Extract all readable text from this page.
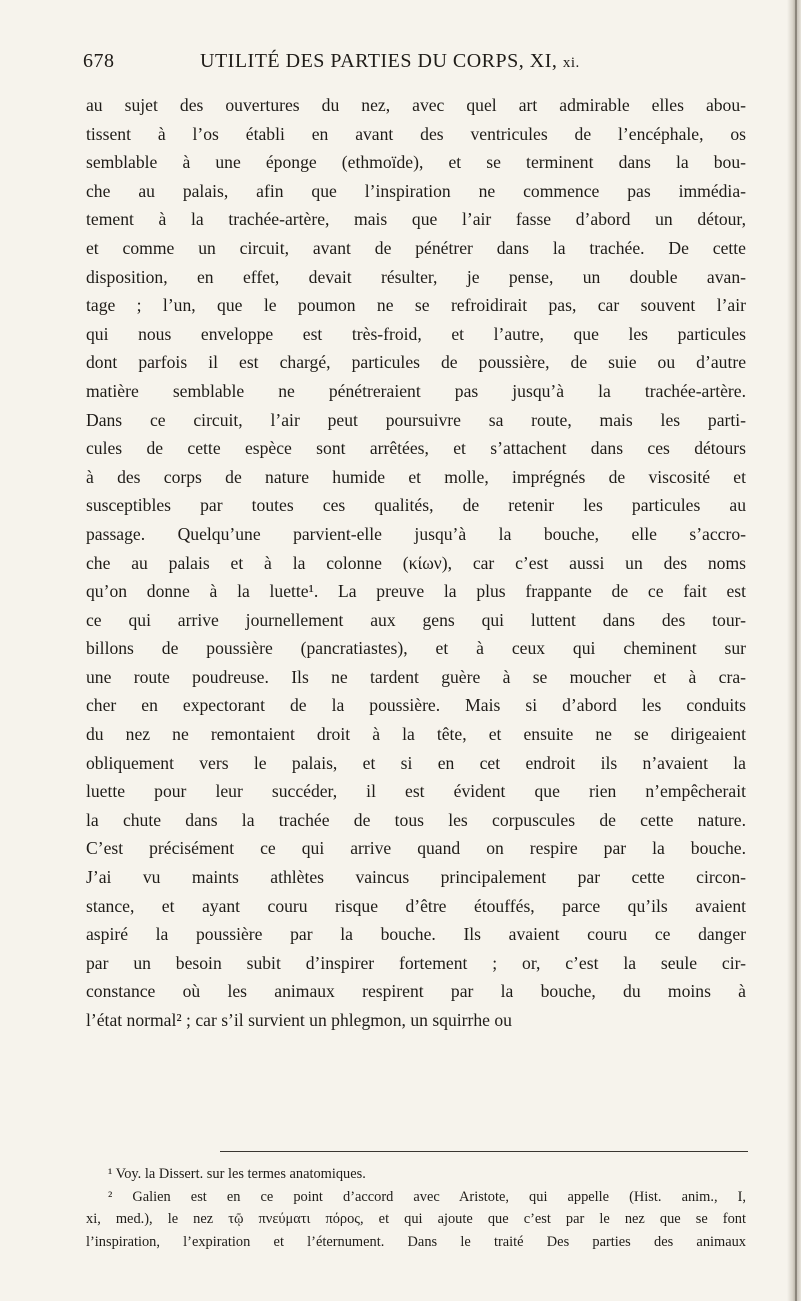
678	UTILITÉ DES PARTIES DU CORPS, XI, xi.
au sujet des ouvertures du nez, avec quel art admirable elles abou-
tissent à l’os établi en avant des ventricules de l’encéphale, os
semblable à une éponge (ethmoïde), et se terminent dans la bou-
che au palais, afin que l’inspiration ne commence pas immédia-
tement à la trachée-artère, mais que l’air fasse d’abord un détour,
et comme un circuit, avant de pénétrer dans la trachée. De cette
disposition, en effet, devait résulter, je pense, un double avan-
tage ; l’un, que le poumon ne se refroidirait pas, car souvent l’air
qui nous enveloppe est très-froid, et l’autre, que les particules
dont parfois il est chargé, particules de poussière, de suie ou d’autre
matière semblable ne pénétreraient pas jusqu’à la trachée-artère.
Dans ce circuit, l’air peut poursuivre sa route, mais les parti-
cules de cette espèce sont arrêtées, et s’attachent dans ces détours
à des corps de nature humide et molle, imprégnés de viscosité et
susceptibles par toutes ces qualités, de retenir les particules au
passage. Quelqu’une parvient-elle jusqu’à la bouche, elle s’accro-
che au palais et à la colonne (κίων), car c’est aussi un des noms
qu’on donne à la luette¹. La preuve la plus frappante de ce fait est
ce qui arrive journellement aux gens qui luttent dans des tour-
billons de poussière (pancratiastes), et à ceux qui cheminent sur
une route poudreuse. Ils ne tardent guère à se moucher et à cra-
cher en expectorant de la poussière. Mais si d’abord les conduits
du nez ne remontaient droit à la tête, et ensuite ne se dirigeaient
obliquement vers le palais, et si en cet endroit ils n’avaient la
luette pour leur succéder, il est évident que rien n’empêcherait
la chute dans la trachée de tous les corpuscules de cette nature.
C’est précisément ce qui arrive quand on respire par la bouche.
J’ai vu maints athlètes vaincus principalement par cette circon-
stance, et ayant couru risque d’être étouffés, parce qu’ils avaient
aspiré la poussière par la bouche. Ils avaient couru ce danger
par un besoin subit d’inspirer fortement ; or, c’est la seule cir-
constance où les animaux respirent par la bouche, du moins à
l’état normal² ; car s’il survient un phlegmon, un squirrhe ou
¹ Voy. la Dissert. sur les termes anatomiques.
² Galien est en ce point d’accord avec Aristote, qui appelle (Hist. anim., I,
xi, med.), le nez τῷ πνεύματι πόρος, et qui ajoute que c’est par le nez que se font
l’inspiration, l’expiration et l’éternument. Dans le traité Des parties des animaux
